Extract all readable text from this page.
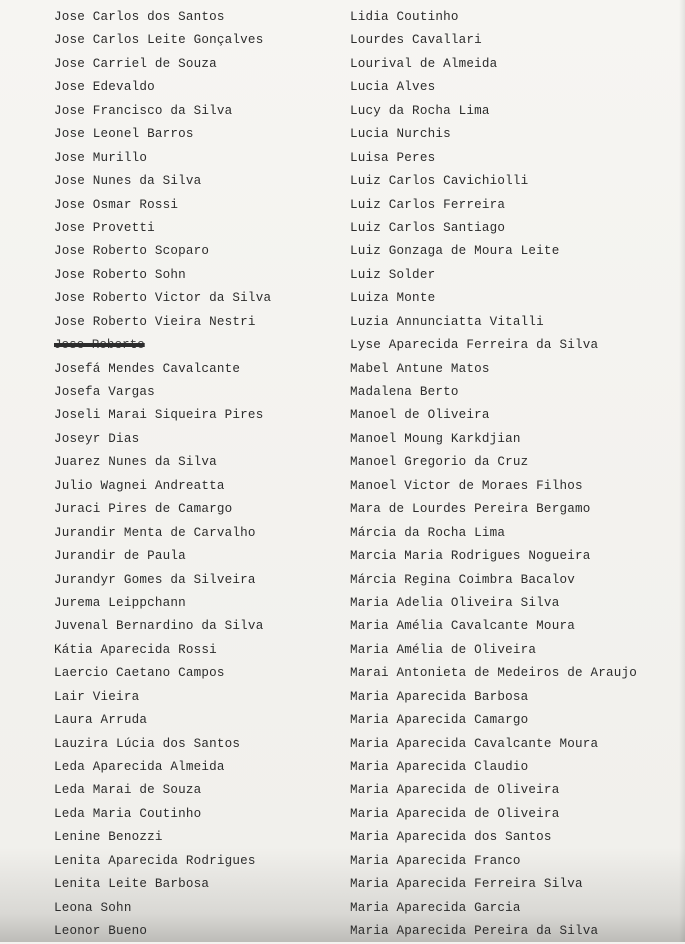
Jose Carlos dos Santos
Jose Carlos Leite Gonçalves
Jose Carriel de Souza
Jose Edevaldo
Jose Francisco da Silva
Jose Leonel Barros
Jose Murillo
Jose Nunes da Silva
Jose Osmar Rossi
Jose Provetti
Jose Roberto Scoparo
Jose Roberto Sohn
Jose Roberto Victor da Silva
Jose Roberto Vieira Nestri
Jose Roberto
Josefá Mendes Cavalcante
Josefa Vargas
Joseli Marai Siqueira Pires
Joseyr Dias
Juarez Nunes da Silva
Julio Wagnei Andreatta
Juraci Pires de Camargo
Jurandir Menta de Carvalho
Jurandir de Paula
Jurandyr Gomes da Silveira
Jurema Leippchann
Juvenal Bernardino da Silva
Kátia Aparecida Rossi
Laercio Caetano Campos
Lair Vieira
Laura Arruda
Lauzira Lúcia dos Santos
Leda Aparecida Almeida
Leda Marai de Souza
Leda Maria Coutinho
Lenine Benozzi
Lenita Aparecida Rodrigues
Lenita Leite Barbosa
Leona Sohn
Leonor Bueno
Lidia Coutinho
Lourdes Cavallari
Lourival de Almeida
Lucia Alves
Lucy da Rocha Lima
Lucia Nurchis
Luisa Peres
Luiz Carlos Cavichiolli
Luiz Carlos Ferreira
Luiz Carlos Santiago
Luiz Gonzaga de Moura Leite
Luiz Solder
Luiza Monte
Luzia Annunciatta Vitalli
Lyse Aparecida Ferreira da Silva
Mabel Antune Matos
Madalena Berto
Manoel de Oliveira
Manoel Moung Karkdjian
Manoel Gregorio da Cruz
Manoel Victor de Moraes Filhos
Mara de Lourdes Pereira Bergamo
Márcia da Rocha Lima
Marcia Maria Rodrigues Nogueira
Márcia Regina Coimbra Bacalov
Maria Adelia Oliveira Silva
Maria Amélia Cavalcante Moura
Maria Amélia de Oliveira
Marai Antonieta de Medeiros de Araujo
Maria Aparecida Barbosa
Maria Aparecida Camargo
Maria Aparecida Cavalcante Moura
Maria Aparecida Claudio
Maria Aparecida de Oliveira
Maria Aparecida de Oliveira
Maria Aparecida dos Santos
Maria Aparecida Franco
Maria Aparecida Ferreira Silva
Maria Aparecida Garcia
Maria Aparecida Pereira da Silva
